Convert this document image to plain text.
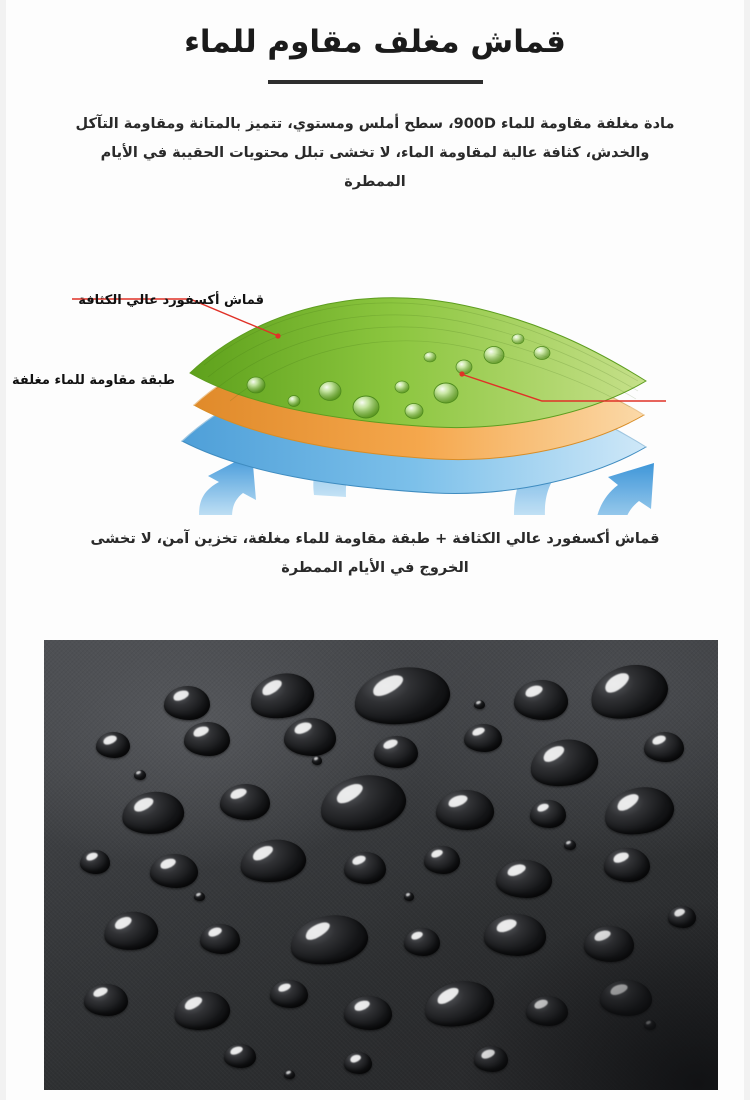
قماش مغلف مقاوم للماء
مادة مغلفة مقاومة للماء 900D، سطح أملس ومستوي، تتميز بالمتانة ومقاومة التآكل والخدش، كثافة عالية لمقاومة الماء، لا تخشى تبلل محتويات الحقيبة في الأيام الممطرة
قماش أكسفورد عالي الكثافة
طبقة مقاومة للماء مغلفة
قماش أكسفورد عالي الكثافة + طبقة مقاومة للماء مغلفة، تخزين آمن، لا تخشى الخروج في الأيام الممطرة
